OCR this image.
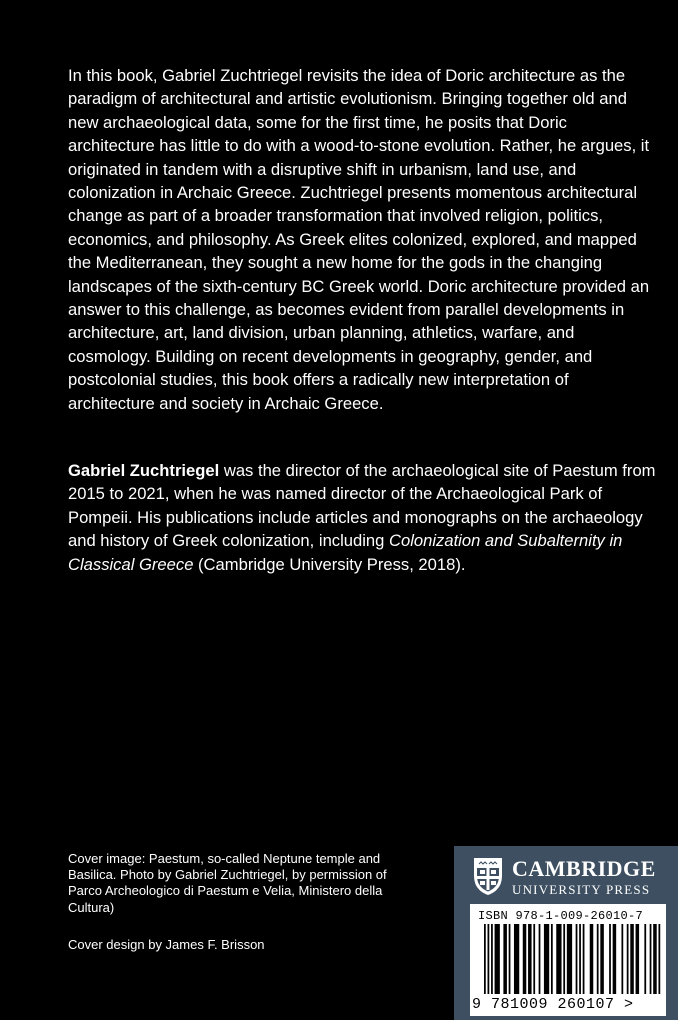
In this book, Gabriel Zuchtriegel revisits the idea of Doric architecture as the paradigm of architectural and artistic evolutionism. Bringing together old and new archaeological data, some for the first time, he posits that Doric architecture has little to do with a wood-to-stone evolution. Rather, he argues, it originated in tandem with a disruptive shift in urbanism, land use, and colonization in Archaic Greece. Zuchtriegel presents momentous architectural change as part of a broader transformation that involved religion, politics, economics, and philosophy. As Greek elites colonized, explored, and mapped the Mediterranean, they sought a new home for the gods in the changing landscapes of the sixth-century BC Greek world. Doric architecture provided an answer to this challenge, as becomes evident from parallel developments in architecture, art, land division, urban planning, athletics, warfare, and cosmology. Building on recent developments in geography, gender, and postcolonial studies, this book offers a radically new interpretation of architecture and society in Archaic Greece.

Gabriel Zuchtriegel was the director of the archaeological site of Paestum from 2015 to 2021, when he was named director of the Archaeological Park of Pompeii. His publications include articles and monographs on the archaeology and history of Greek colonization, including Colonization and Subalternity in Classical Greece (Cambridge University Press, 2018).

Cover image: Paestum, so-called Neptune temple and Basilica. Photo by Gabriel Zuchtriegel, by permission of Parco Archeologico di Paestum e Velia, Ministero della Cultura)

Cover design by James F. Brisson

CAMBRIDGE
UNIVERSITY PRESS
ISBN 978-1-009-26010-7
9 781009 260107 >
